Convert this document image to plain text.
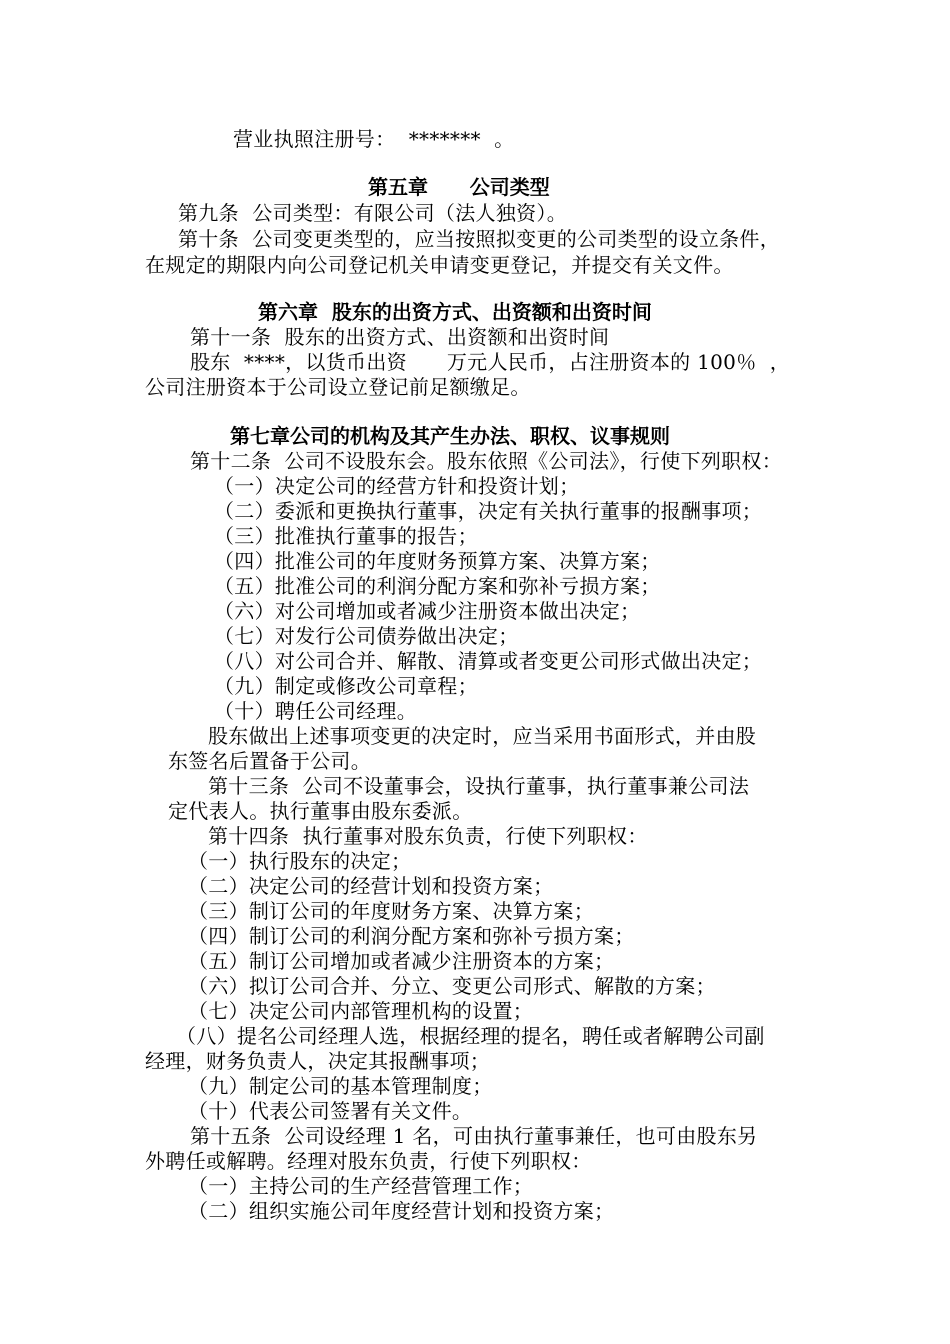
营业执照注册号：  *******  。
第五章      公司类型
第九条  公司类型：有限公司（法人独资）。
第十条  公司变更类型的，应当按照拟变更的公司类型的设立条件，
在规定的期限内向公司登记机关申请变更登记，并提交有关文件。
第六章  股东的出资方式、出资额和出资时间
第十一条  股东的出资方式、出资额和出资时间
股东  ****，以货币出资      万元人民币，占注册资本的 100％  ，
公司注册资本于公司设立登记前足额缴足。
第七章公司的机构及其产生办法、职权、议事规则
第十二条  公司不设股东会。股东依照《公司法》，行使下列职权：
（一）决定公司的经营方针和投资计划；
（二）委派和更换执行董事，决定有关执行董事的报酬事项；
（三）批准执行董事的报告；
（四）批准公司的年度财务预算方案、决算方案；
（五）批准公司的利润分配方案和弥补亏损方案；
（六）对公司增加或者减少注册资本做出决定；
（七）对发行公司债券做出决定；
（八）对公司合并、解散、清算或者变更公司形式做出决定；
（九）制定或修改公司章程；
（十）聘任公司经理。
股东做出上述事项变更的决定时，应当采用书面形式，并由股
东签名后置备于公司。
第十三条  公司不设董事会，设执行董事，执行董事兼公司法
定代表人。执行董事由股东委派。
第十四条  执行董事对股东负责，行使下列职权：
（一）执行股东的决定；
（二）决定公司的经营计划和投资方案；
（三）制订公司的年度财务方案、决算方案；
（四）制订公司的利润分配方案和弥补亏损方案；
（五）制订公司增加或者减少注册资本的方案；
（六）拟订公司合并、分立、变更公司形式、解散的方案；
（七）决定公司内部管理机构的设置；
（八）提名公司经理人选，根据经理的提名，聘任或者解聘公司副
经理，财务负责人，决定其报酬事项；
（九）制定公司的基本管理制度；
（十）代表公司签署有关文件。
第十五条  公司设经理 1 名，可由执行董事兼任，也可由股东另
外聘任或解聘。经理对股东负责，行使下列职权：
（一）主持公司的生产经营管理工作；
（二）组织实施公司年度经营计划和投资方案；
